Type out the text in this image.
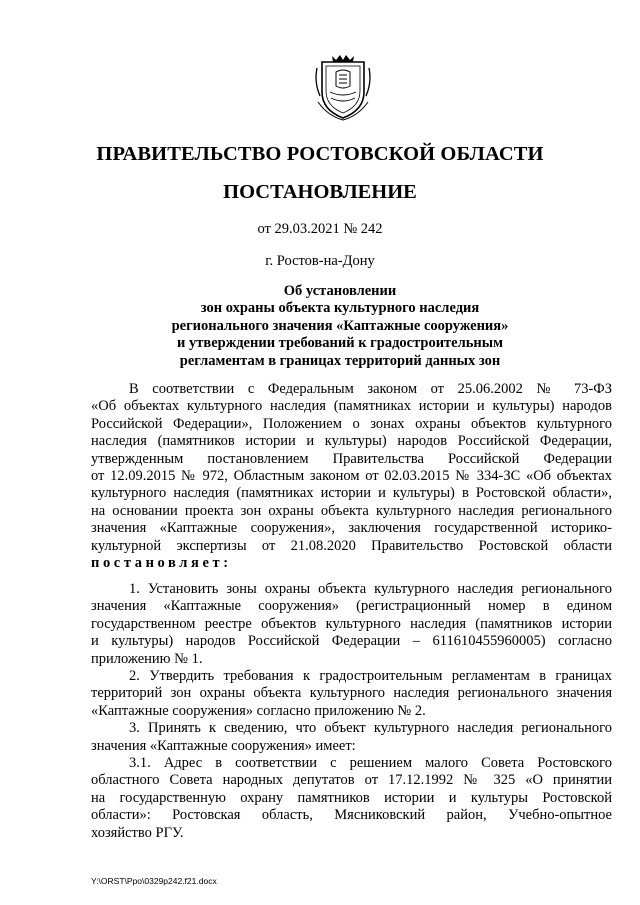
ПРАВИТЕЛЬСТВО РОСТОВСКОЙ ОБЛАСТИ
ПОСТАНОВЛЕНИЕ
от 29.03.2021 № 242
г. Ростов-на-Дону
Об установлении
зон охраны объекта культурного наследия
регионального значения «Каптажные сооружения»
и утверждении требований к градостроительным
регламентам в границах территорий данных зон
В соответствии с Федеральным законом от 25.06.2002 № 73-ФЗ
«Об объектах культурного наследия (памятниках истории и культуры) народов
Российской Федерации», Положением о зонах охраны объектов культурного
наследия (памятников истории и культуры) народов Российской Федерации,
утвержденным постановлением Правительства Российской Федерации
от 12.09.2015 № 972, Областным законом от 02.03.2015 № 334-ЗС «Об объектах
культурного наследия (памятниках истории и культуры) в Ростовской области»,
на основании проекта зон охраны объекта культурного наследия регионального
значения «Каптажные сооружения», заключения государственной историко-
культурной экспертизы от 21.08.2020 Правительство Ростовской области
постановляет:
1. Установить зоны охраны объекта культурного наследия регионального
значения «Каптажные сооружения» (регистрационный номер в едином
государственном реестре объектов культурного наследия (памятников истории
и культуры) народов Российской Федерации – 611610455960005) согласно
приложению № 1.
2. Утвердить требования к градостроительным регламентам в границах
территорий зон охраны объекта культурного наследия регионального значения
«Каптажные сооружения» согласно приложению № 2.
3. Принять к сведению, что объект культурного наследия регионального
значения «Каптажные сооружения» имеет:
3.1. Адрес в соответствии с решением малого Совета Ростовского
областного Совета народных депутатов от 17.12.1992 № 325 «О принятии
на государственную охрану памятников истории и культуры Ростовской
области»: Ростовская область, Мясниковский район, Учебно-опытное
хозяйство РГУ.
Y:\ORST\Ppo\0329p242.f21.docx
